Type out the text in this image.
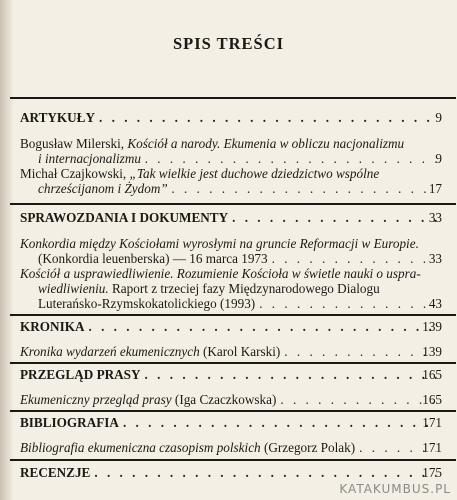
SPIS TREŚCI
ARTYKUŁY . . .	9
Bogusław Milerski, Kościół a narody. Ekumenia w obliczu nacjonalizmu
i internacjonalizmu . . .	9
Michał Czajkowski, „Tak wielkie jest duchowe dziedzictwo wspólne
chrześcijanom i Żydom” . . .	17
SPRAWOZDANIA I DOKUMENTY . . .	33
Konkordia między Kościołami wyrosłymi na gruncie Reformacji w Europie.
(Konkordia leuenberska) — 16 marca 1973 . . .	33
Kościół a usprawiedliwienie. Rozumienie Kościoła w świetle nauki o uspra-
wiedliwieniu. Raport z trzeciej fazy Międzynarodowego Dialogu
Luterańsko-Rzymskokatolickiego (1993) . . .	43
KRONIKA . . .	139
Kronika wydarzeń ekumenicznych (Karol Karski) . . .	139
PRZEGLĄD PRASY . . .	165
Ekumeniczny przegląd prasy (Iga Czaczkowska) . . .	165
BIBLIOGRAFIA . . .	171
Bibliografia ekumeniczna czasopism polskich (Grzegorz Polak) . . .	171
RECENZJE . . .	175
KATAKUMBUS.PL
